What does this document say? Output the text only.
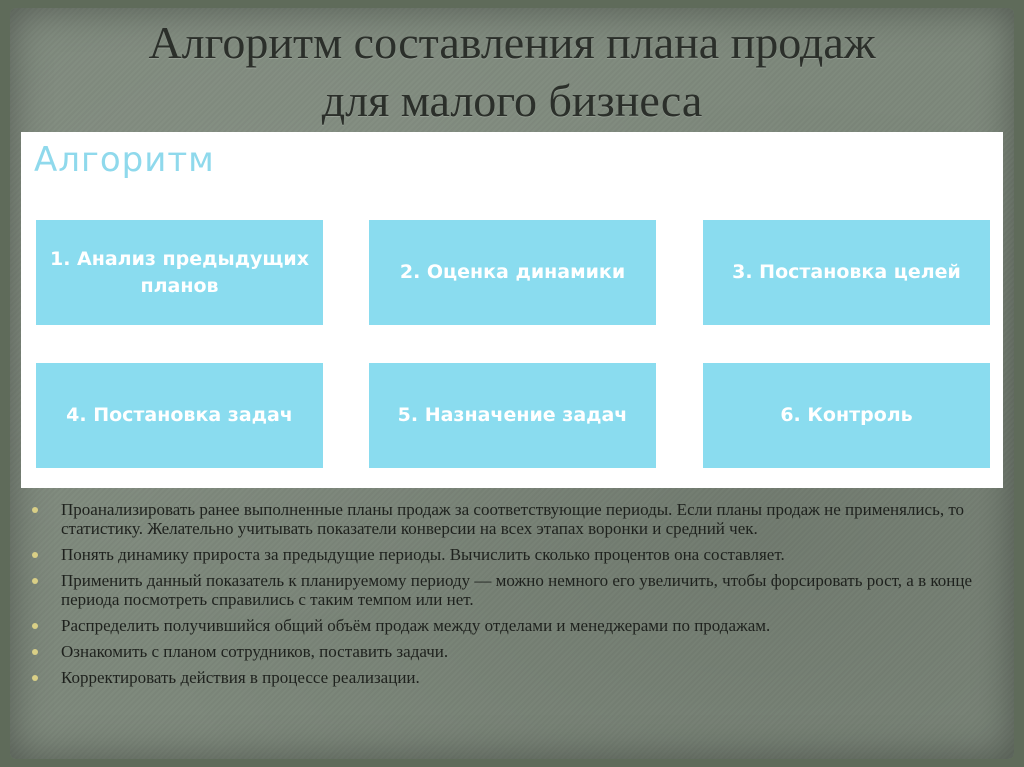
Алгоритм составления плана продаж
для малого бизнеса
Алгоритм
1. Анализ предыдущих планов
2. Оценка динамики	3. Постановка целей
4. Постановка задач	5. Назначение задач	6. Контроль
Проанализировать ранее выполненные планы продаж за соответствующие периоды. Если планы продаж не применялись, то статистику. Желательно учитывать показатели конверсии на всех этапах воронки и средний чек.
Понять динамику прироста за предыдущие периоды. Вычислить сколько процентов она составляет.
Применить данный показатель к планируемому периоду — можно немного его увеличить, чтобы форсировать рост, а в конце периода посмотреть справились с таким темпом или нет.
Распределить получившийся общий объём продаж между отделами и менеджерами по продажам.
Ознакомить с планом сотрудников, поставить задачи.
Корректировать действия в процессе реализации.
